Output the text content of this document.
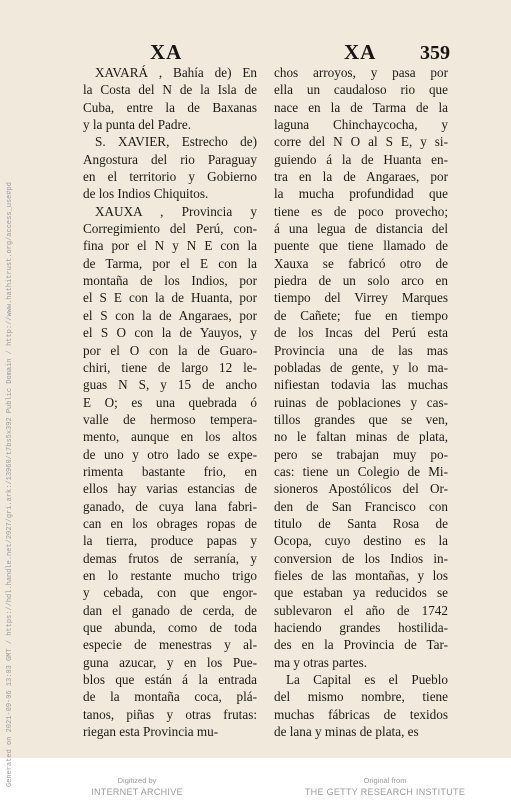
XA	XA 359
XAVARÁ , Bahía de) En
la Costa del N de la Isla de
Cuba, entre la de Baxanas
y la punta del Padre.
S. XAVIER, Estrecho de)
Angostura del rio Paraguay
en el territorio y Gobierno
de los Indios Chiquitos.
XAUXA , Provincia y
Corregimiento del Perú, con-
fina por el N y N E con la
de Tarma, por el E con la
montaña de los Indios, por
el S E con la de Huanta, por
el S con la de Angaraes, por
el S O con la de Yauyos, y
por el O con la de Guaro-
chiri, tiene de largo 12 le-
guas N S, y 15 de ancho
E O; es una quebrada ó
valle de hermoso tempera-
mento, aunque en los altos
de uno y otro lado se expe-
rimenta bastante frio, en
ellos hay varias estancias de
ganado, de cuya lana fabri-
can en los obrages ropas de
la tierra, produce papas y
demas frutos de serranía, y
en lo restante mucho trigo
y cebada, con que engor-
dan el ganado de cerda, de
que abunda, como de toda
especie de menestras y al-
guna azucar, y en los Pue-
blos que están á la entrada
de la montaña coca, plá-
tanos, piñas y otras frutas:
riegan esta Provincia mu-
chos arroyos, y pasa por
ella un caudaloso rio que
nace en la de Tarma de la
laguna Chinchaycocha, y
corre del N O al S E, y si-
guiendo á la de Huanta en-
tra en la de Angaraes, por
la mucha profundidad que
tiene es de poco provecho;
á una legua de distancia del
puente que tiene llamado de
Xauxa se fabricó otro de
piedra de un solo arco en
tiempo del Virrey Marques
de Cañete; fue en tiempo
de los Incas del Perú esta
Provincia una de las mas
pobladas de gente, y lo ma-
nifiestan todavia las muchas
ruinas de poblaciones y cas-
tillos grandes que se ven,
no le faltan minas de plata,
pero se trabajan muy po-
cas: tiene un Colegio de Mi-
sioneros Apostólicos del Or-
den de San Francisco con
titulo de Santa Rosa de
Ocopa, cuyo destino es la
conversion de los Indios in-
fieles de las montañas, y los
que estaban ya reducidos se
sublevaron el año de 1742
haciendo grandes hostilida-
des en la Provincia de Tar-
ma y otras partes.
La Capital es el Pueblo
del mismo nombre, tiene
muchas fábricas de texidos
de lana y minas de plata, es
Generated on 2021-09-06 13:03 GMT / https://hdl.handle.net/2027/gri.ark:/13960/t7bs5x392 Public Domain / http://www.hathitrust.org/access_use#pd	Digitized by
INTERNET ARCHIVE
Original from
THE GETTY RESEARCH INSTITUTE
